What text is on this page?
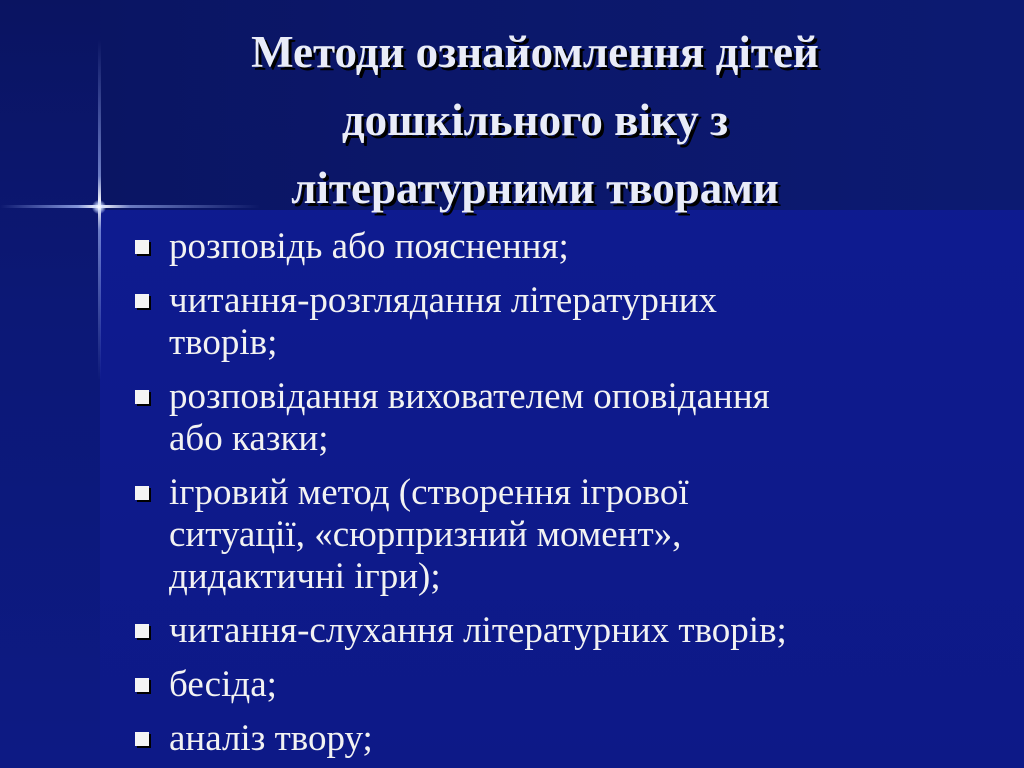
Методи ознайомлення дітей
дошкільного віку з
літературними творами
розповідь або пояснення;
читання-розглядання літературних
творів;
розповідання вихователем оповідання
або казки;
ігровий метод (створення ігрової
ситуації, «сюрпризний момент»,
дидактичні ігри);
читання-слухання літературних творів;
бесіда;
аналіз твору;
